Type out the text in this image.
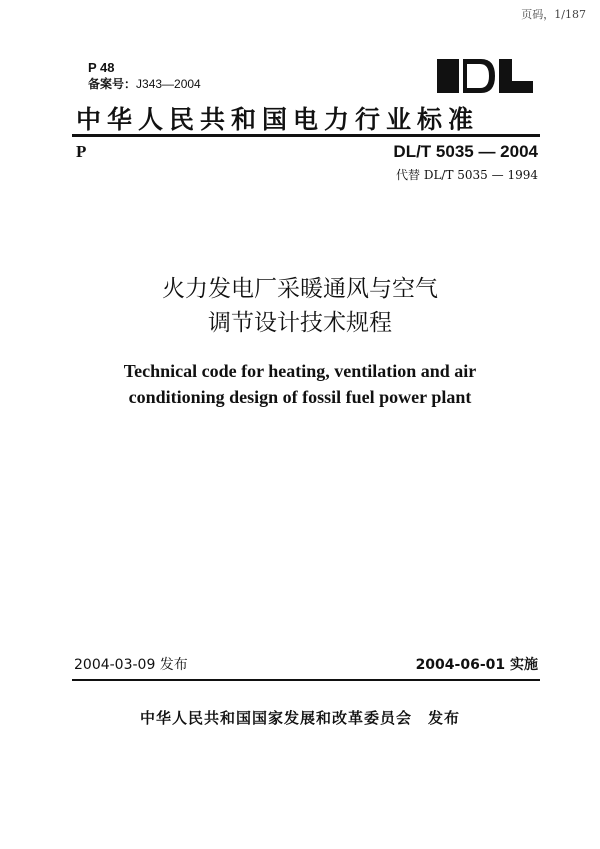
页码，1/187
P 48
备案号：J343—2004
中华人民共和国电力行业标准
P	DL/T 5035 — 2004
代替 DL/T 5035 — 1994
火力发电厂采暖通风与空气
调节设计技术规程
Technical code for heating, ventilation and air
conditioning design of fossil fuel power plant
2004-03-09 发布	2004-06-01 实施
中华人民共和国国家发展和改革委员会　发布
